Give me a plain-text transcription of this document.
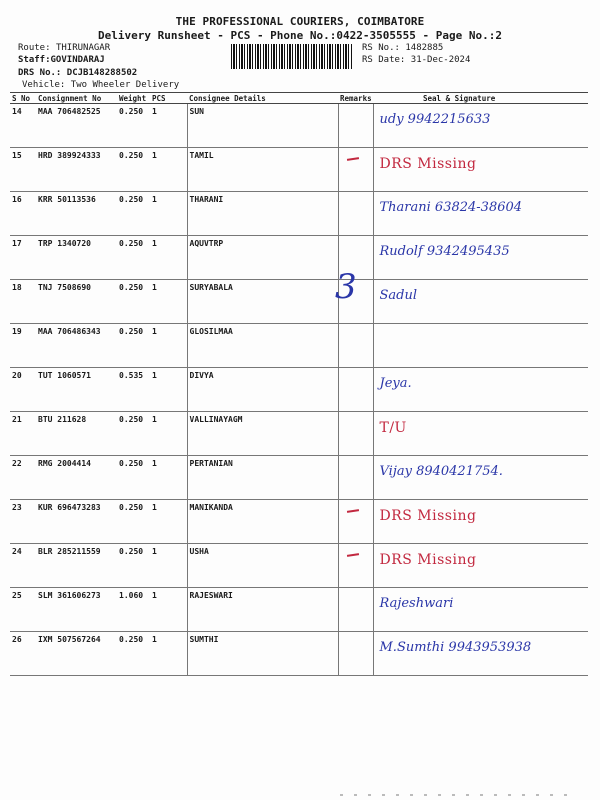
THE PROFESSIONAL COURIERS, COIMBATORE
Delivery Runsheet - PCS - Phone No.:0422-3505555 - Page No.:2
Route: THIRUNAGAR
Staff:GOVINDARAJ
DRS No.: DCJB148288502
Vehicle: Two Wheeler Delivery
RS No.: 1482885
RS Date: 31-Dec-2024
S No	Consignment No	Weight	PCS	Consignee Details	Remarks	Seal & Signature
14	MAA 706482525	0.250	1	SUN		udy 9942215633

15	HRD 389924333	0.250	1	TAMIL		DRS Missing

16	KRR 50113536	0.250	1	THARANI		Tharani 63824-38604

17	TRP 1340720	0.250	1	AQUVTRP		Rudolf 9342495435

18	TNJ 7508690	0.250	1	SURYABALA		Sadul

19	MAA 706486343	0.250	1	GLOSILMAA		

20	TUT 1060571	0.535	1	DIVYA		Jeya.

21	BTU 211628	0.250	1	VALLINAYAGM		T/U

22	RMG 2004414	0.250	1	PERTANIAN		Vijay 8940421754.

23	KUR 696473283	0.250	1	MANIKANDA		DRS Missing

24	BLR 285211559	0.250	1	USHA		DRS Missing

25	SLM 361606273	1.060	1	RAJESWARI		Rajeshwari

26	IXM 507567264	0.250	1	SUMTHI		M.Sumthi 9943953938
3
